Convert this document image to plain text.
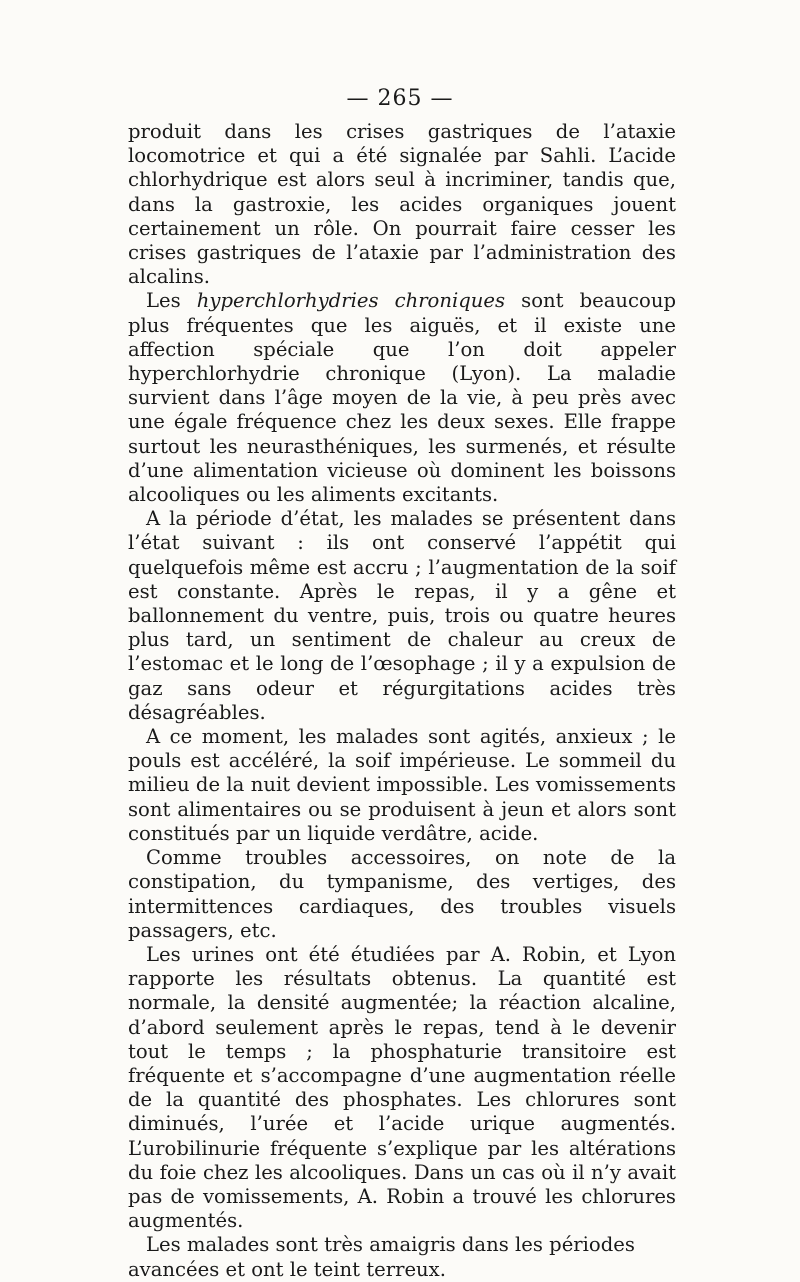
— 265 —

produit dans les crises gastriques de l’ataxie locomotrice et qui a été signalée par Sahli. L’acide chlorhydrique est alors seul à incriminer, tandis que, dans la gastroxie, les acides organiques jouent certainement un rôle. On pourrait faire cesser les crises gastriques de l’ataxie par l’administration des alcalins.

Les hyperchlorhydries chroniques sont beaucoup plus fréquentes que les aiguës, et il existe une affection spéciale que l’on doit appeler hyperchlorhydrie chronique (Lyon). La maladie survient dans l’âge moyen de la vie, à peu près avec une égale fréquence chez les deux sexes. Elle frappe surtout les neurasthéniques, les surmenés, et résulte d’une alimentation vicieuse où dominent les boissons alcooliques ou les aliments excitants.

A la période d’état, les malades se présentent dans l’état suivant : ils ont conservé l’appétit qui quelquefois même est accru ; l’augmentation de la soif est constante. Après le repas, il y a gêne et ballonnement du ventre, puis, trois ou quatre heures plus tard, un sentiment de chaleur au creux de l’estomac et le long de l’œsophage ; il y a expulsion de gaz sans odeur et régurgitations acides très désagréables.

A ce moment, les malades sont agités, anxieux ; le pouls est accéléré, la soif impérieuse. Le sommeil du milieu de la nuit devient impossible. Les vomissements sont alimentaires ou se produisent à jeun et alors sont constitués par un liquide verdâtre, acide.

Comme troubles accessoires, on note de la constipation, du tympanisme, des vertiges, des intermittences cardiaques, des troubles visuels passagers, etc.

Les urines ont été étudiées par A. Robin, et Lyon rapporte les résultats obtenus. La quantité est normale, la densité augmentée; la réaction alcaline, d’abord seulement après le repas, tend à le devenir tout le temps ; la phosphaturie transitoire est fréquente et s’accompagne d’une augmentation réelle de la quantité des phosphates. Les chlorures sont diminués, l’urée et l’acide urique augmentés. L’urobilinurie fréquente s’explique par les altérations du foie chez les alcooliques. Dans un cas où il n’y avait pas de vomissements, A. Robin a trouvé les chlorures augmentés.

Les malades sont très amaigris dans les périodes avancées et ont le teint terreux.
